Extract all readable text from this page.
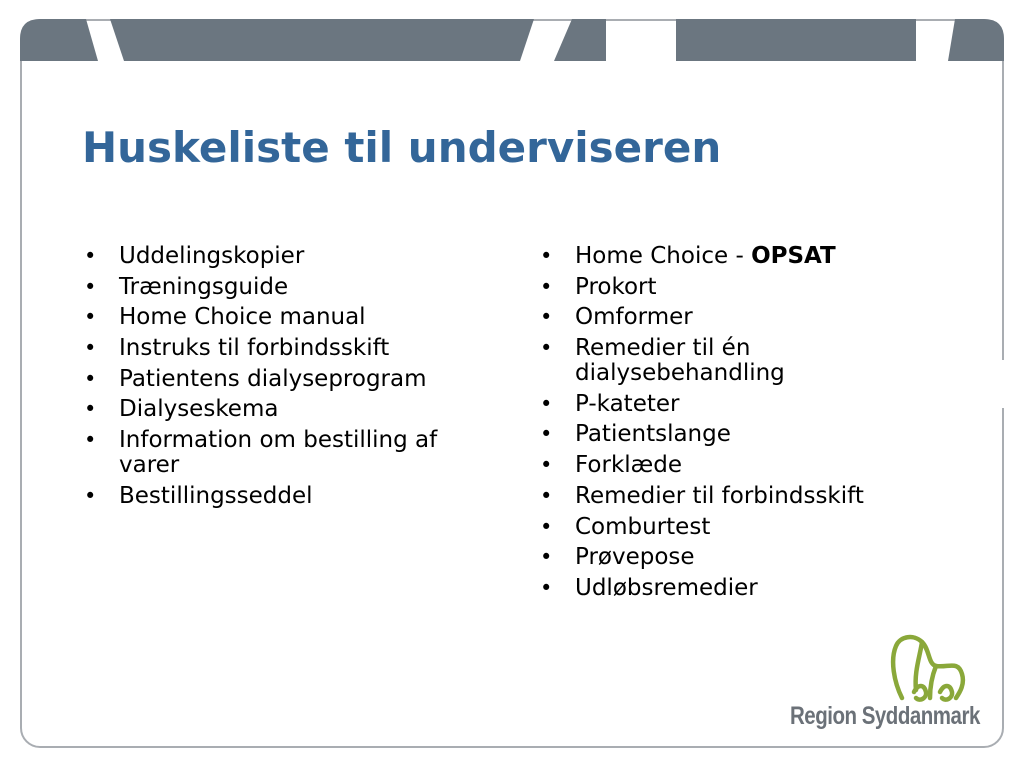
Huskeliste til underviseren
• Uddelingskopier
• Træningsguide
• Home Choice manual
• Instruks til forbindsskift
• Patientens dialyseprogram
• Dialyseskema
• Information om bestilling af varer
• Bestillingsseddel
• Home Choice - OPSAT
• Prokort
• Omformer
• Remedier til én dialysebehandling
• P-kateter
• Patientslange
• Forklæde
• Remedier til forbindsskift
• Comburtest
• Prøvepose
• Udløbsremedier
Region Syddanmark
